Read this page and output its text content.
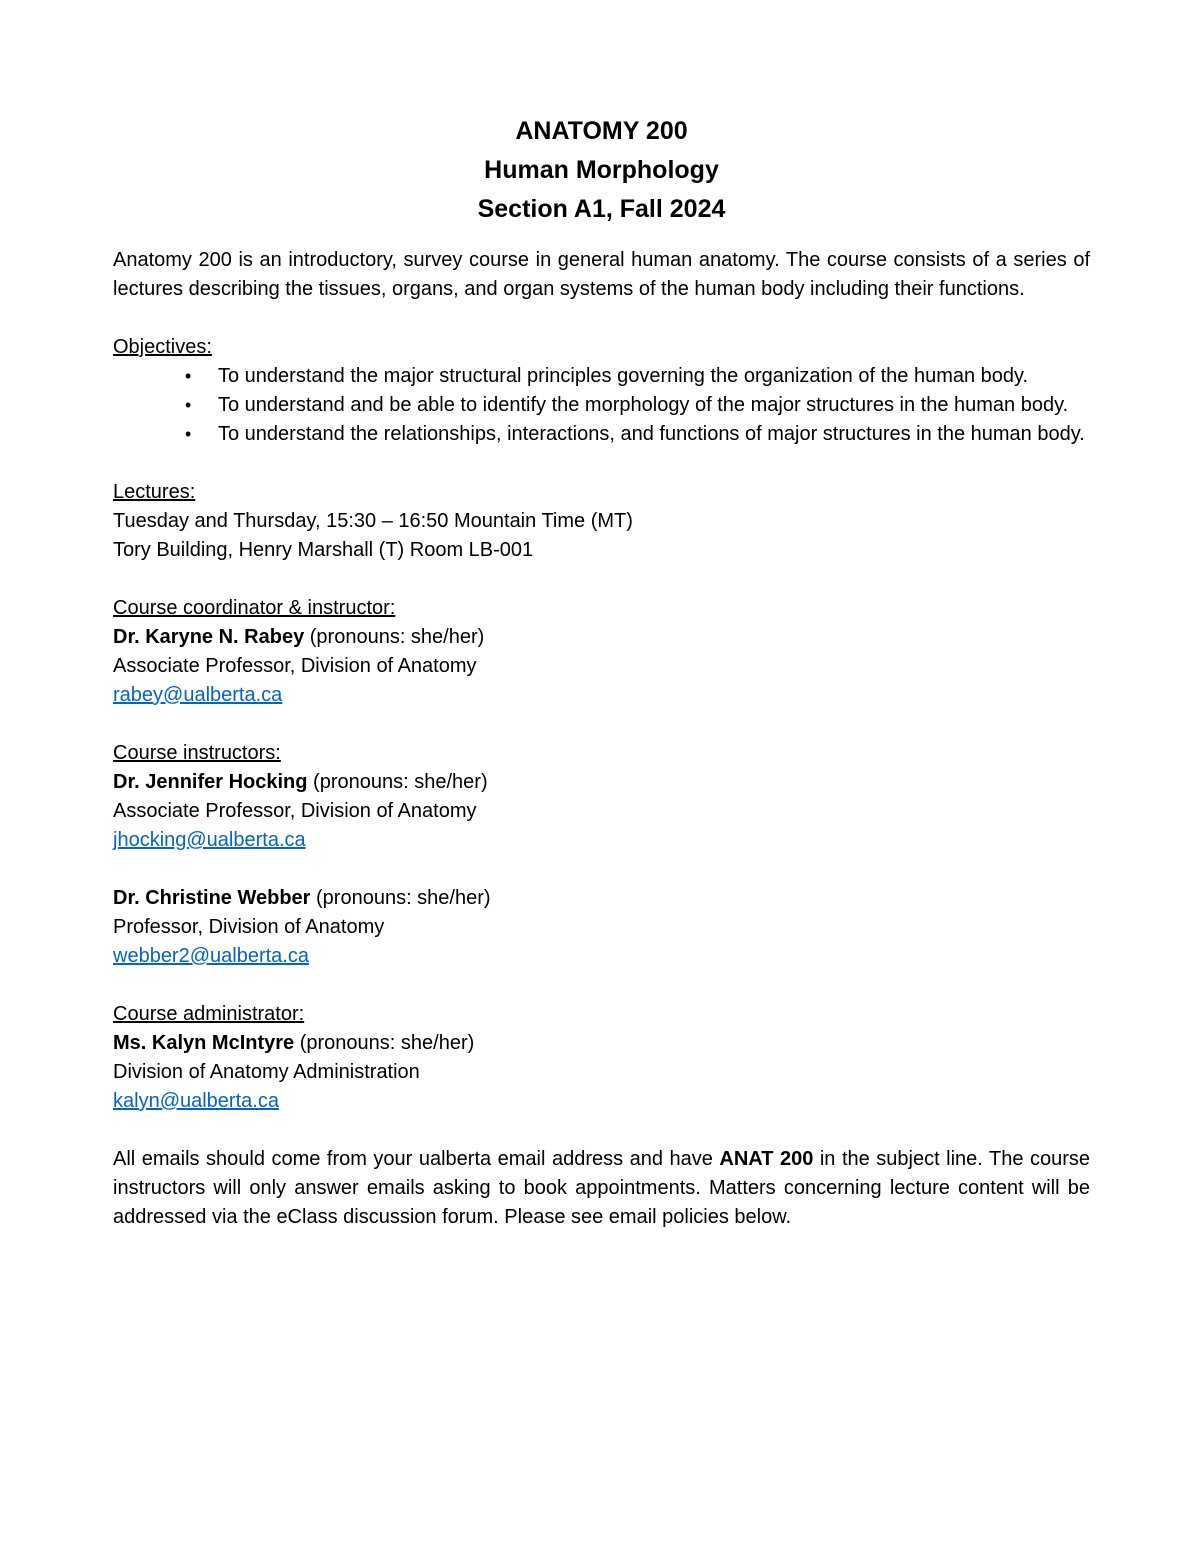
ANATOMY 200
Human Morphology
Section A1, Fall 2024

Anatomy 200 is an introductory, survey course in general human anatomy. The course consists of a series of lectures describing the tissues, organs, and organ systems of the human body including their functions.

Objectives:

• To understand the major structural principles governing the organization of the human body.
• To understand and be able to identify the morphology of the major structures in the human body.
• To understand the relationships, interactions, and functions of major structures in the human body.

Lectures:

Tuesday and Thursday, 15:30 – 16:50 Mountain Time (MT)

Tory Building, Henry Marshall (T) Room LB-001

Course coordinator & instructor:

Dr. Karyne N. Rabey (pronouns: she/her)

Associate Professor, Division of Anatomy

rabey@ualberta.ca

Course instructors:

Dr. Jennifer Hocking (pronouns: she/her)

Associate Professor, Division of Anatomy

jhocking@ualberta.ca

Dr. Christine Webber (pronouns: she/her)

Professor, Division of Anatomy

webber2@ualberta.ca

Course administrator:

Ms. Kalyn McIntyre (pronouns: she/her)

Division of Anatomy Administration

kalyn@ualberta.ca

All emails should come from your ualberta email address and have ANAT 200 in the subject line. The course instructors will only answer emails asking to book appointments. Matters concerning lecture content will be addressed via the eClass discussion forum. Please see email policies below.
